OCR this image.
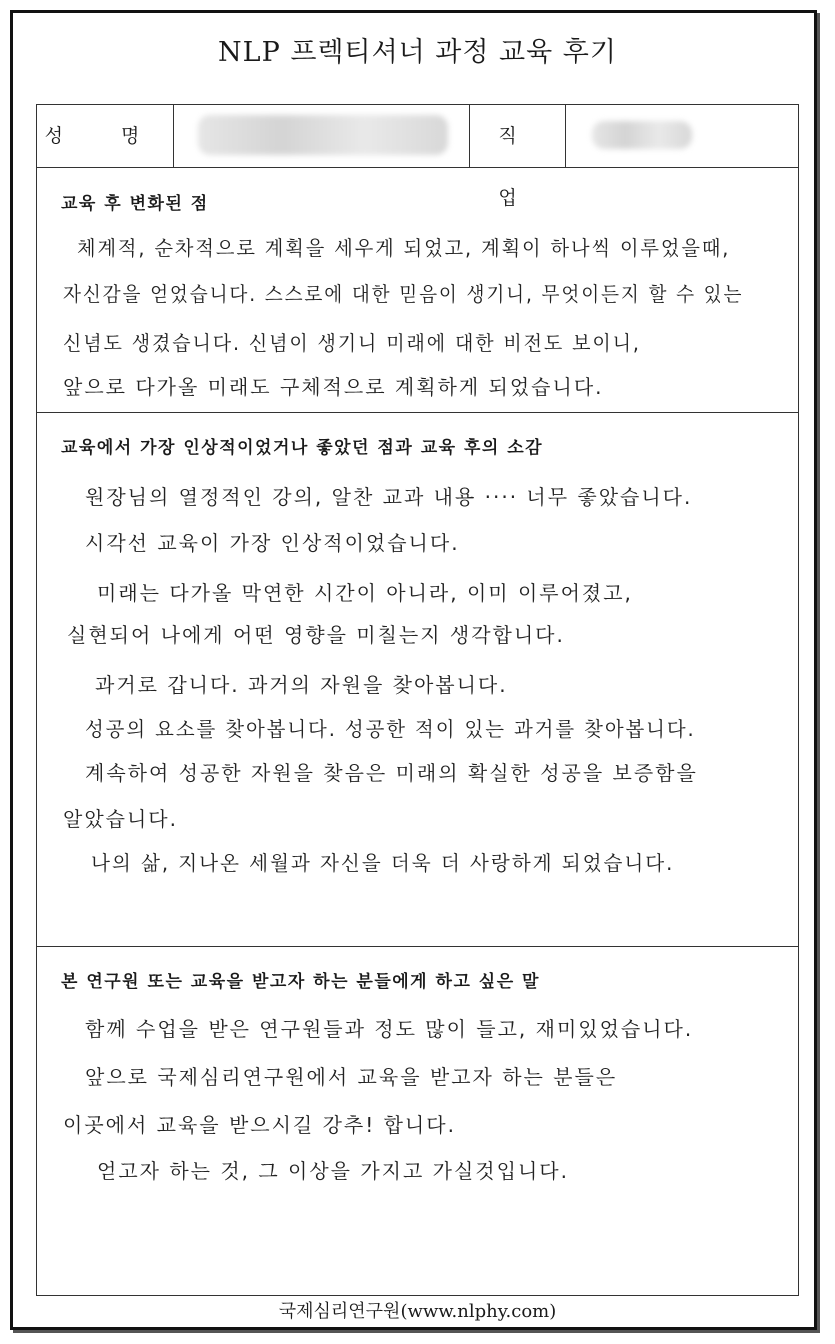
NLP 프렉티셔너 과정 교육 후기
성 명	직 업
교육 후 변화된 점
체계적, 순차적으로 계획을 세우게 되었고, 계획이 하나씩 이루었을때,
자신감을 얻었습니다. 스스로에 대한 믿음이 생기니, 무엇이든지 할 수 있는
신념도 생겼습니다. 신념이 생기니 미래에 대한 비전도 보이니,
앞으로 다가올 미래도 구체적으로 계획하게 되었습니다.
교육에서 가장 인상적이었거나 좋았던 점과 교육 후의 소감
원장님의 열정적인 강의, 알찬 교과 내용 ···· 너무 좋았습니다.
시각선 교육이 가장 인상적이었습니다.
미래는 다가올 막연한 시간이 아니라, 이미 이루어졌고,
실현되어 나에게 어떤 영향을 미칠는지 생각합니다.
과거로 갑니다. 과거의 자원을 찾아봅니다.
성공의 요소를 찾아봅니다. 성공한 적이 있는 과거를 찾아봅니다.
계속하여 성공한 자원을 찾음은 미래의 확실한 성공을 보증함을
알았습니다.
나의 삶, 지나온 세월과 자신을 더욱 더 사랑하게 되었습니다.
본 연구원 또는 교육을 받고자 하는 분들에게 하고 싶은 말
함께 수업을 받은 연구원들과 정도 많이 들고, 재미있었습니다.
앞으로 국제심리연구원에서 교육을 받고자 하는 분들은
이곳에서 교육을 받으시길 강추! 합니다.
얻고자 하는 것, 그 이상을 가지고 가실것입니다.
국제심리연구원(www.nlphy.com)
